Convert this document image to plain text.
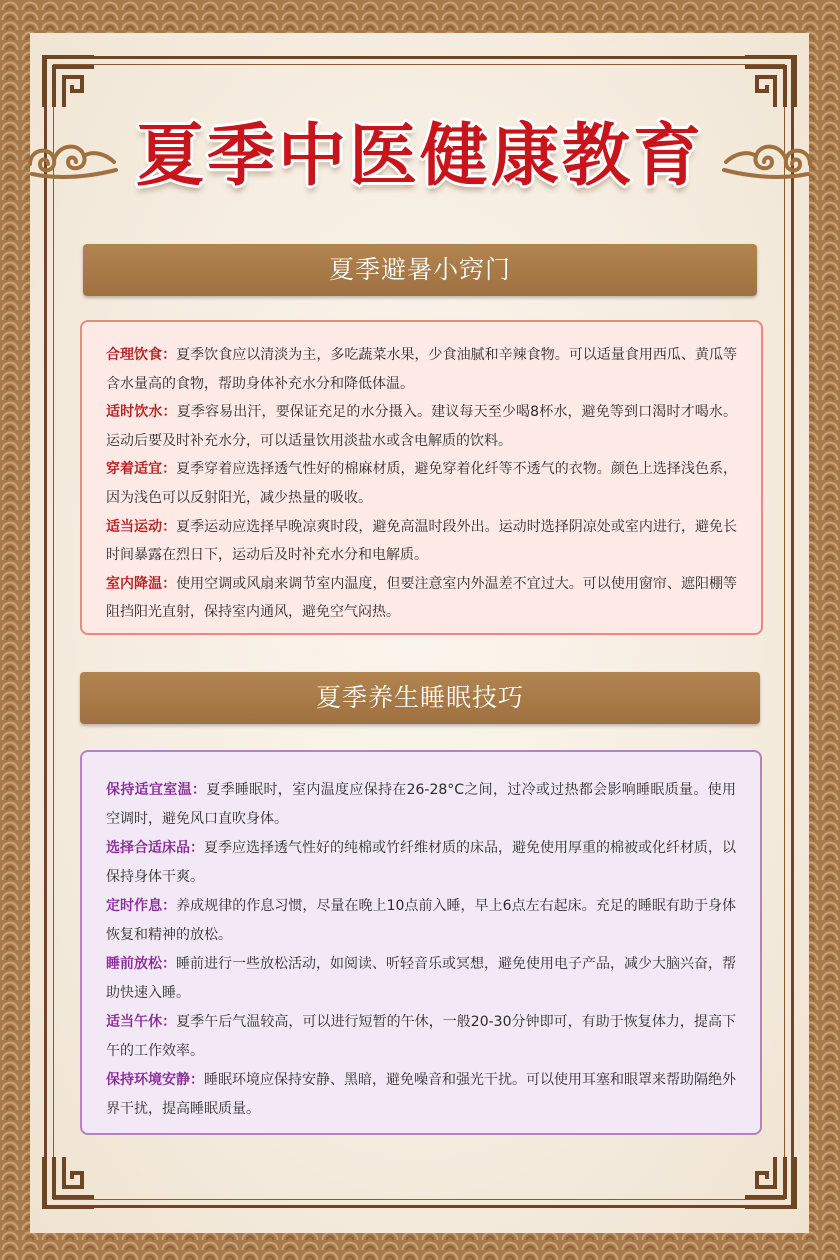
夏季中医健康教育
夏季避暑小窍门

合理饮食：夏季饮食应以清淡为主，多吃蔬菜水果，少食油腻和辛辣食物。可以适量食用西瓜、黄瓜等含水量高的食物，帮助身体补充水分和降低体温。

适时饮水：夏季容易出汗，要保证充足的水分摄入。建议每天至少喝8杯水，避免等到口渴时才喝水。运动后要及时补充水分，可以适量饮用淡盐水或含电解质的饮料。

穿着适宜：夏季穿着应选择透气性好的棉麻材质，避免穿着化纤等不透气的衣物。颜色上选择浅色系，因为浅色可以反射阳光，减少热量的吸收。

适当运动：夏季运动应选择早晚凉爽时段，避免高温时段外出。运动时选择阴凉处或室内进行，避免长时间暴露在烈日下，运动后及时补充水分和电解质。

室内降温：使用空调或风扇来调节室内温度，但要注意室内外温差不宜过大。可以使用窗帘、遮阳棚等阻挡阳光直射，保持室内通风，避免空气闷热。

夏季养生睡眠技巧

保持适宜室温：夏季睡眠时，室内温度应保持在26-28°C之间，过冷或过热都会影响睡眠质量。使用空调时，避免风口直吹身体。

选择合适床品：夏季应选择透气性好的纯棉或竹纤维材质的床品，避免使用厚重的棉被或化纤材质，以保持身体干爽。

定时作息：养成规律的作息习惯，尽量在晚上10点前入睡，早上6点左右起床。充足的睡眠有助于身体恢复和精神的放松。

睡前放松：睡前进行一些放松活动，如阅读、听轻音乐或冥想，避免使用电子产品，减少大脑兴奋，帮助快速入睡。

适当午休：夏季午后气温较高，可以进行短暂的午休，一般20-30分钟即可，有助于恢复体力，提高下午的工作效率。

保持环境安静：睡眠环境应保持安静、黑暗，避免噪音和强光干扰。可以使用耳塞和眼罩来帮助隔绝外界干扰，提高睡眠质量。
